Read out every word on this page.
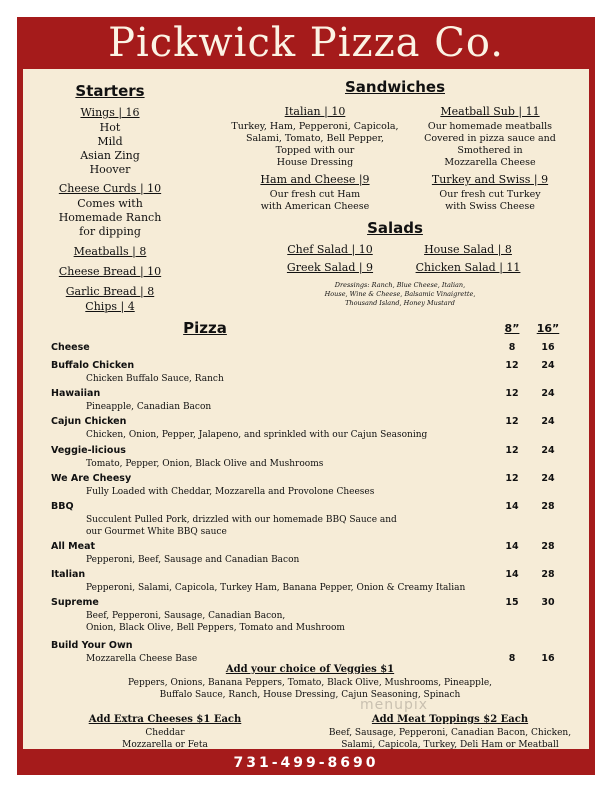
Pickwick Pizza Co.
Starters
Wings | 16
Hot
Mild
Asian Zing
Hoover
Cheese Curds | 10
Comes with
Homemade Ranch
for dipping
Meatballs | 8
Cheese Bread | 10
Garlic Bread | 8
Chips | 4
Sandwiches
Italian | 10
Turkey, Ham, Pepperoni, Capicola,
Salami, Tomato, Bell Pepper,
Topped with our
House Dressing
Meatball Sub | 11
Our homemade meatballs
Covered in pizza sauce and
Smothered in
Mozzarella Cheese
Ham and Cheese |9
Our fresh cut Ham
with American Cheese
Turkey and Swiss | 9
Our fresh cut Turkey
with Swiss Cheese
Salads
Chef Salad | 10	House Salad | 8
Greek Salad | 9	Chicken Salad | 11
Dressings: Ranch, Blue Cheese, Italian,
House, Wine & Cheese, Balsamic Vinaigrette,
Thousand Island, Honey Mustard
Pizza	8”	16”
Cheese	8	16
Buffalo Chicken
Chicken Buffalo Sauce, Ranch
12	24
Hawaiian
Pineapple, Canadian Bacon
12	24
Cajun Chicken
Chicken, Onion, Pepper, Jalapeno, and sprinkled with our Cajun Seasoning
12	24
Veggie-licious
Tomato, Pepper, Onion, Black Olive and Mushrooms
12	24
We Are Cheesy
Fully Loaded with Cheddar, Mozzarella and Provolone Cheeses
12	24
BBQ
Succulent Pulled Pork, drizzled with our homemade BBQ Sauce and
our Gourmet White BBQ sauce
14	28
All Meat
Pepperoni, Beef, Sausage and Canadian Bacon
14	28
Italian
Pepperoni, Salami, Capicola, Turkey Ham, Banana Pepper, Onion & Creamy Italian
14	28
Supreme
Beef, Pepperoni, Sausage, Canadian Bacon,
Onion, Black Olive, Bell Peppers, Tomato and Mushroom
15	30
Build Your Own
Mozzarella Cheese Base	8	16
Add your choice of Veggies $1
Peppers, Onions, Banana Peppers, Tomato, Black Olive, Mushrooms, Pineapple,
Buffalo Sauce, Ranch, House Dressing, Cajun Seasoning, Spinach
Add Extra Cheeses $1 Each
Cheddar
Mozzarella or Feta
Add Meat Toppings $2 Each
Beef, Sausage, Pepperoni, Canadian Bacon, Chicken,
Salami, Capicola, Turkey, Deli Ham or Meatball
menupix
731-499-8690
